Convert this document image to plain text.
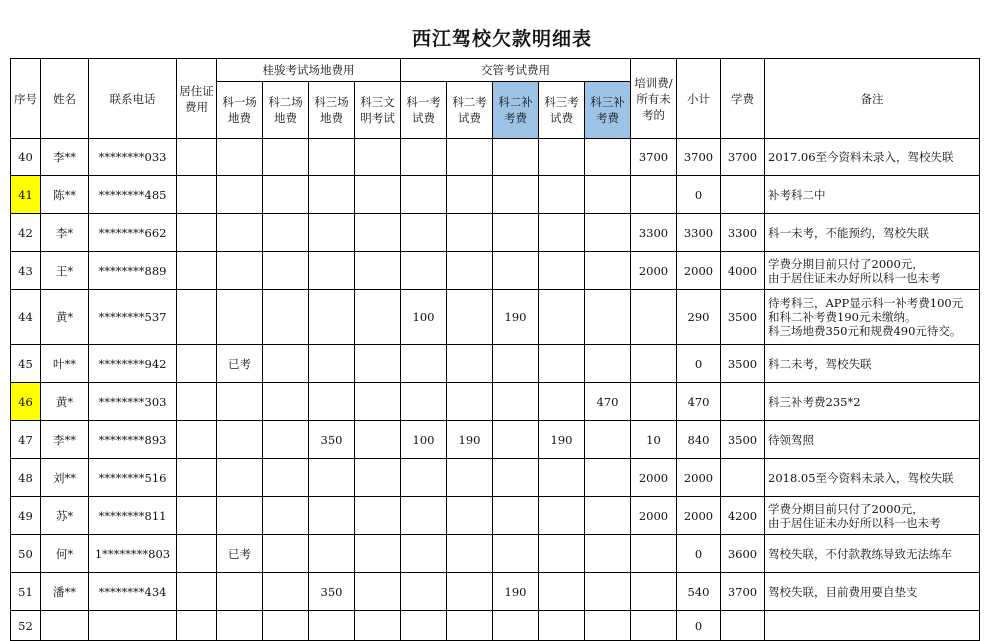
西江驾校欠款明细表
序号	姓名	联系电话	居住证费用	桂骏考试场地费用				交管考试费用					培训费/所有未考的	小计	学费	备注
				科一场地费	科二场地费	科三场地费	科三文明考试	科一考试费	科二考试费	科二补考费	科三考试费	科三补考费				
40	李**	********033											3700	3700	3700	2017.06至今资料未录入，驾校失联
41	陈**	********485												0		补考科二中
42	李*	********662											3300	3300	3300	科一未考，不能预约，驾校失联
43	王*	********889											2000	2000	4000	学费分期目前只付了2000元，
由于居住证未办好所以科一也未考
44	黄*	********537						100		190				290	3500	待考科三，APP显示科一补考费100元
和科二补考费190元未缴纳。
科三场地费350元和规费490元待交。
45	叶**	********942		已考										0	3500	科二未考，驾校失联
46	黄*	********303										470		470		科三补考费235*2
47	李**	********893				350		100	190		190		10	840	3500	待领驾照
48	刘**	********516											2000	2000		2018.05至今资料未录入，驾校失联
49	苏*	********811											2000	2000	4200	学费分期目前只付了2000元，
由于居住证未办好所以科一也未考
50	何*	1********803		已考										0	3600	驾校失联，不付款教练导致无法练车
51	潘**	********434				350				190				540	3700	驾校失联，目前费用要自垫支
52														0		
